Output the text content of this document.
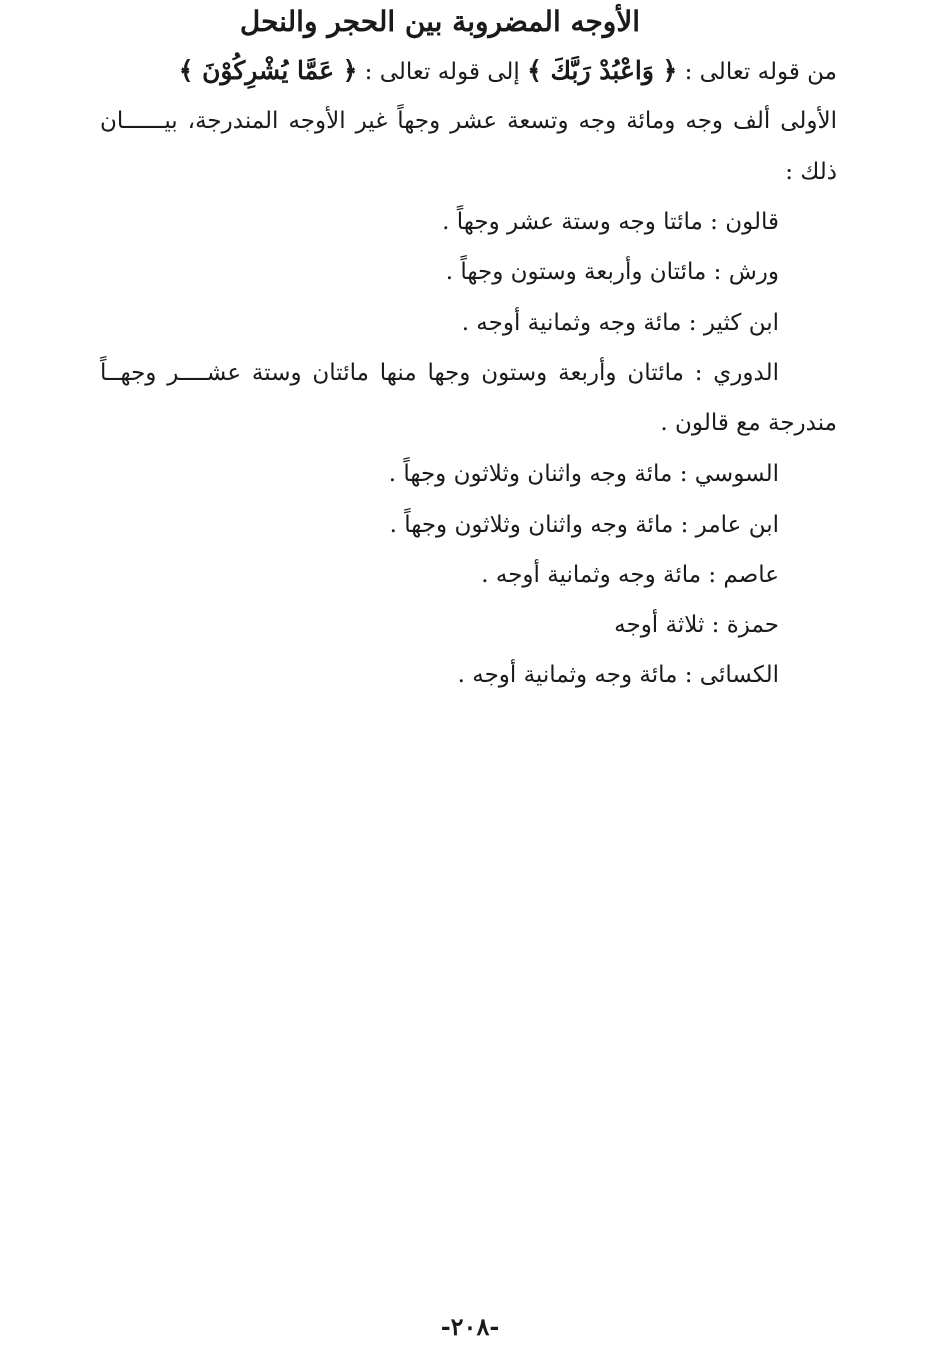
الأوجه المضروبة بين الحجر والنحل
من قوله تعالى : ﴿ وَاعْبُدْ رَبَّكَ ﴾ إلى قوله تعالى : ﴿ عَمَّا يُشْرِكُوْنَ ﴾
الأولى ألف وجه ومائة وجه وتسعة عشر وجهاً غير الأوجه المندرجة، بيــــــان
ذلك :
قالون : مائتا وجه وستة عشر وجهاً .
ورش : مائتان وأربعة وستون وجهاً .
ابن كثير : مائة وجه وثمانية أوجه .
الدوري : مائتان وأربعة وستون وجها منها مائتان وستة عشــــر وجهــاً
مندرجة مع قالون .
السوسي : مائة وجه واثنان وثلاثون وجهاً .
ابن عامر : مائة وجه واثنان وثلاثون وجهاً .
عاصم : مائة وجه وثمانية أوجه .
حمزة : ثلاثة أوجه
الكسائى : مائة وجه وثمانية أوجه .
-٢٠٨-
